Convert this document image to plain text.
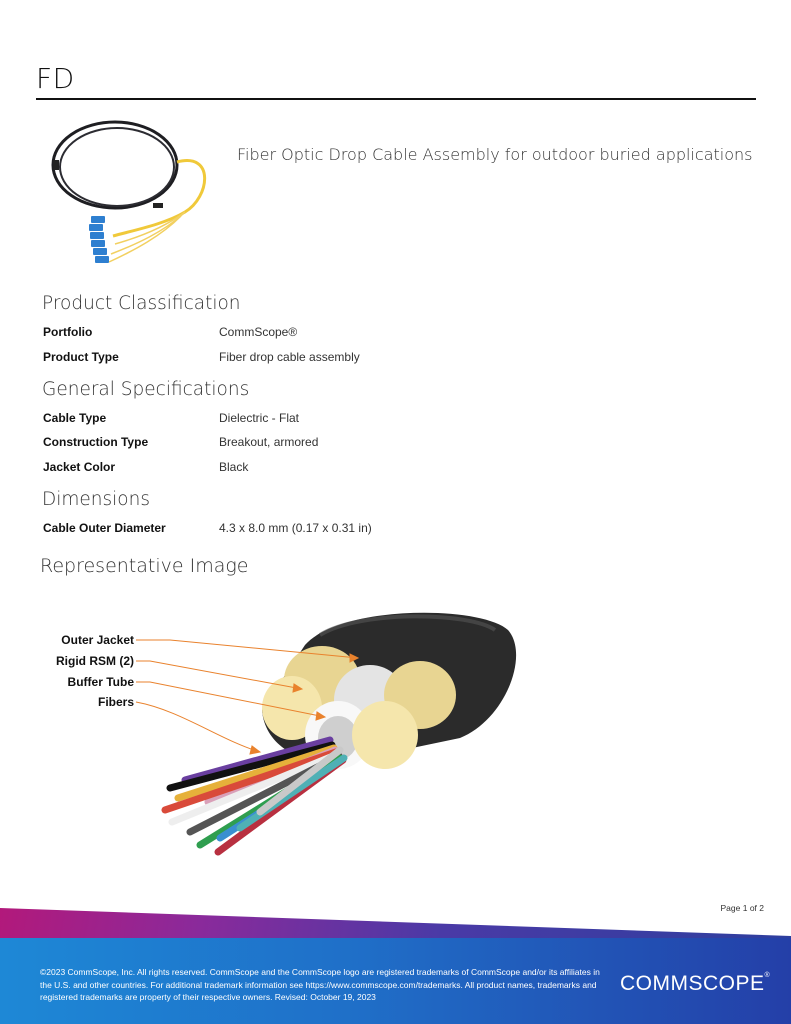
FD
Fiber Optic Drop Cable Assembly for outdoor buried applications
Product Classification
Portfolio	CommScope®
Product Type	Fiber drop cable assembly
General Specifications
Cable Type	Dielectric - Flat
Construction Type	Breakout, armored
Jacket Color	Black
Dimensions
Cable Outer Diameter	4.3 x 8.0 mm (0.17 x 0.31 in)
Representative Image
Outer Jacket
Rigid RSM (2)
Buffer Tube
Fibers
Page 1 of 2
©2023 CommScope, Inc. All rights reserved. CommScope and the CommScope logo are registered trademarks of CommScope and/or its affiliates in the U.S. and other countries. For additional trademark information see https://www.commscope.com/trademarks. All product names, trademarks and registered trademarks are property of their respective owners. Revised: October 19, 2023
COMMSCOPE®
